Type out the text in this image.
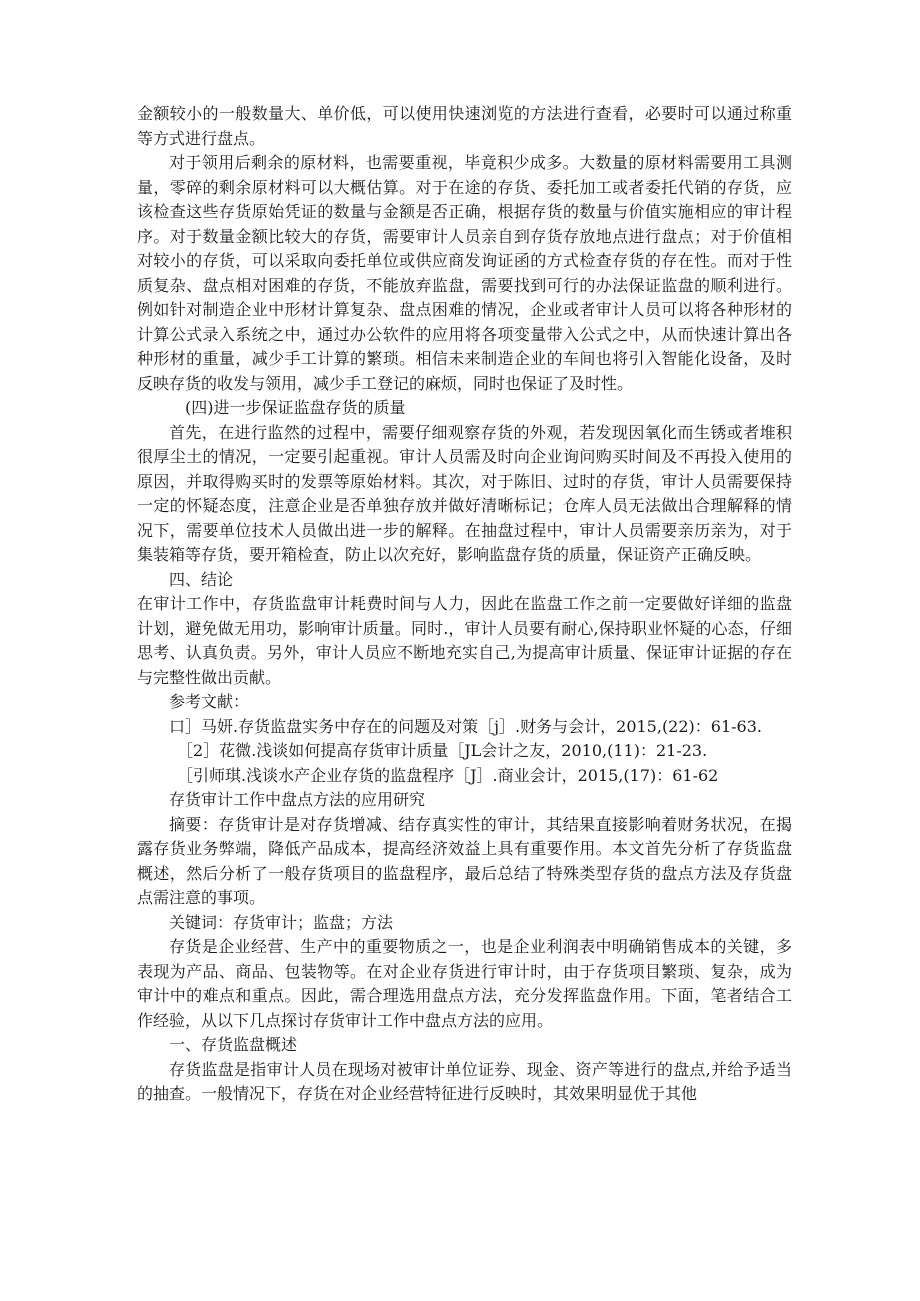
金额较小的一般数量大、单价低，可以使用快速浏览的方法进行查看，必要时可以通过称重等方式进行盘点。

对于领用后剩余的原材料，也需要重视，毕竟积少成多。大数量的原材料需要用工具测量，零碎的剩余原材料可以大概估算。对于在途的存货、委托加工或者委托代销的存货，应该检查这些存货原始凭证的数量与金额是否正确，根据存货的数量与价值实施相应的审计程序。对于数量金额比较大的存货，需要审计人员亲自到存货存放地点进行盘点；对于价值相对较小的存货，可以采取向委托单位或供应商发询证函的方式检查存货的存在性。而对于性质复杂、盘点相对困难的存货，不能放弃监盘，需要找到可行的办法保证监盘的顺利进行。例如针对制造企业中形材计算复杂、盘点困难的情况，企业或者审计人员可以将各种形材的计算公式录入系统之中，通过办公软件的应用将各项变量带入公式之中，从而快速计算出各种形材的重量，减少手工计算的繁琐。相信未来制造企业的车间也将引入智能化设备，及时反映存货的收发与领用，减少手工登记的麻烦，同时也保证了及时性。

(四)进一步保证监盘存货的质量

首先，在进行监然的过程中，需要仔细观察存货的外观，若发现因氧化而生锈或者堆积很厚尘土的情况，一定要引起重视。审计人员需及时向企业询问购买时间及不再投入使用的原因，并取得购买时的发票等原始材料。其次，对于陈旧、过时的存货，审计人员需要保持一定的怀疑态度，注意企业是否单独存放并做好清晰标记；仓库人员无法做出合理解释的情况下，需要单位技术人员做出进一步的解释。在抽盘过程中，审计人员需要亲历亲为，对于集装箱等存货，要开箱检查，防止以次充好，影响监盘存货的质量，保证资产正确反映。

四、结论

在审计工作中，存货监盘审计耗费时间与人力，因此在监盘工作之前一定要做好详细的监盘计划，避免做无用功，影响审计质量。同时.，审计人员要有耐心,保持职业怀疑的心态，仔细思考、认真负责。另外，审计人员应不断地充实自己,为提高审计质量、保证审计证据的存在与完整性做出贡献。

参考文献：

口］马妍.存货监盘实务中存在的问题及对策［j］.财务与会计，2015,(22)：61-63.

［2］花微.浅谈如何提高存货审计质量［JL会计之友，2010,(11)：21-23.

［引师琪.浅谈水产企业存货的监盘程序［J］.商业会计，2015,(17)：61-62

存货审计工作中盘点方法的应用研究

摘要：存货审计是对存货增减、结存真实性的审计，其结果直接影响着财务状况，在揭露存货业务弊端，降低产品成本，提高经济效益上具有重要作用。本文首先分析了存货监盘概述，然后分析了一般存货项目的监盘程序，最后总结了特殊类型存货的盘点方法及存货盘点需注意的事项。

关键词：存货审计；监盘；方法

存货是企业经营、生产中的重要物质之一，也是企业利润表中明确销售成本的关键，多表现为产品、商品、包装物等。在对企业存货进行审计时，由于存货项目繁琐、复杂，成为审计中的难点和重点。因此，需合理选用盘点方法，充分发挥监盘作用。下面，笔者结合工作经验，从以下几点探讨存货审计工作中盘点方法的应用。

一、存货监盘概述

存货监盘是指审计人员在现场对被审计单位证券、现金、资产等进行的盘点,并给予适当的抽查。一般情况下，存货在对企业经营特征进行反映时，其效果明显优于其他
